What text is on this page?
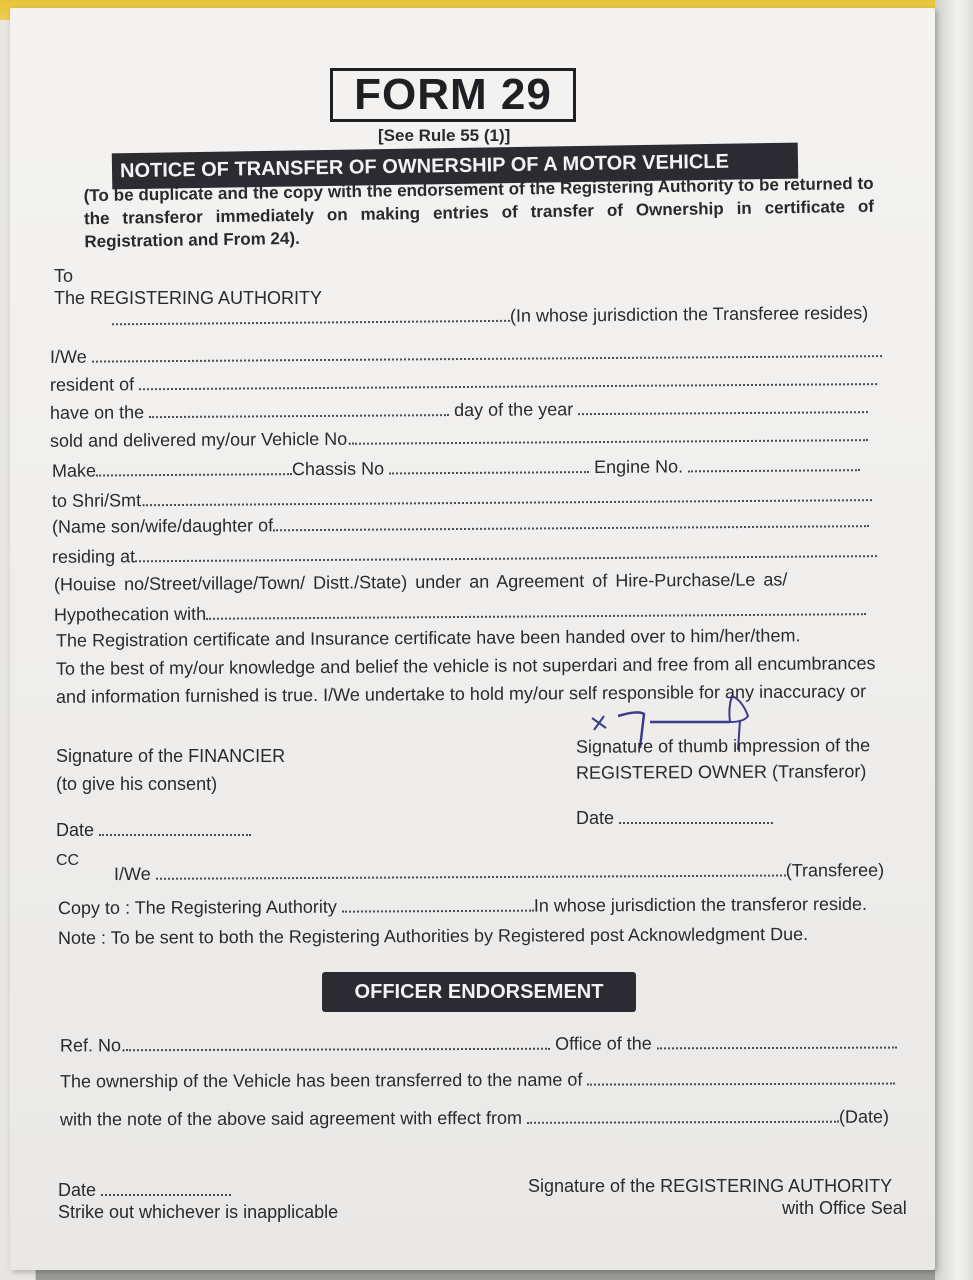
FORM 29
[See Rule 55 (1)]
NOTICE OF TRANSFER OF OWNERSHIP OF A MOTOR VEHICLE
(To be duplicate and the copy with the endorsement of the Registering Authority to be returned to the transferor immediately on making entries of transfer of Ownership in certificate of Registration and From 24).
To
The REGISTERING AUTHORITY
(In whose jurisdiction the Transferee resides)
I/We
resident of
have on the	day of the year
sold and delivered my/our Vehicle No.
Make	Chassis No	Engine No.
to Shri/Smt.
(Name son/wife/daughter of
residing at
(Houise no/Street/village/Town/ Distt./State) under an Agreement of Hire-Purchase/Le as/
Hypothecation with
The Registration certificate and Insurance certificate have been handed over to him/her/them.
To the best of my/our knowledge and belief the vehicle is not superdari and free from all encumbrances
and information furnished is true. I/We undertake to hold my/our self responsible for any inaccuracy or
Signature of the FINANCIER
(to give his consent)
Signature of thumb impression of the
REGISTERED OWNER (Transferor)
Date
Date
CC
I/We	(Transferee)
Copy to : The Registering Authority	In whose jurisdiction the transferor reside.
Note : To be sent to both the Registering Authorities by Registered post Acknowledgment Due.
OFFICER ENDORSEMENT
Ref. No.	Office of the
The ownership of the Vehicle has been transferred to the name of
with the note of the above said agreement with effect from	(Date)
Date
Strike out whichever is inapplicable
Signature of the REGISTERING AUTHORITY
with Office Seal
